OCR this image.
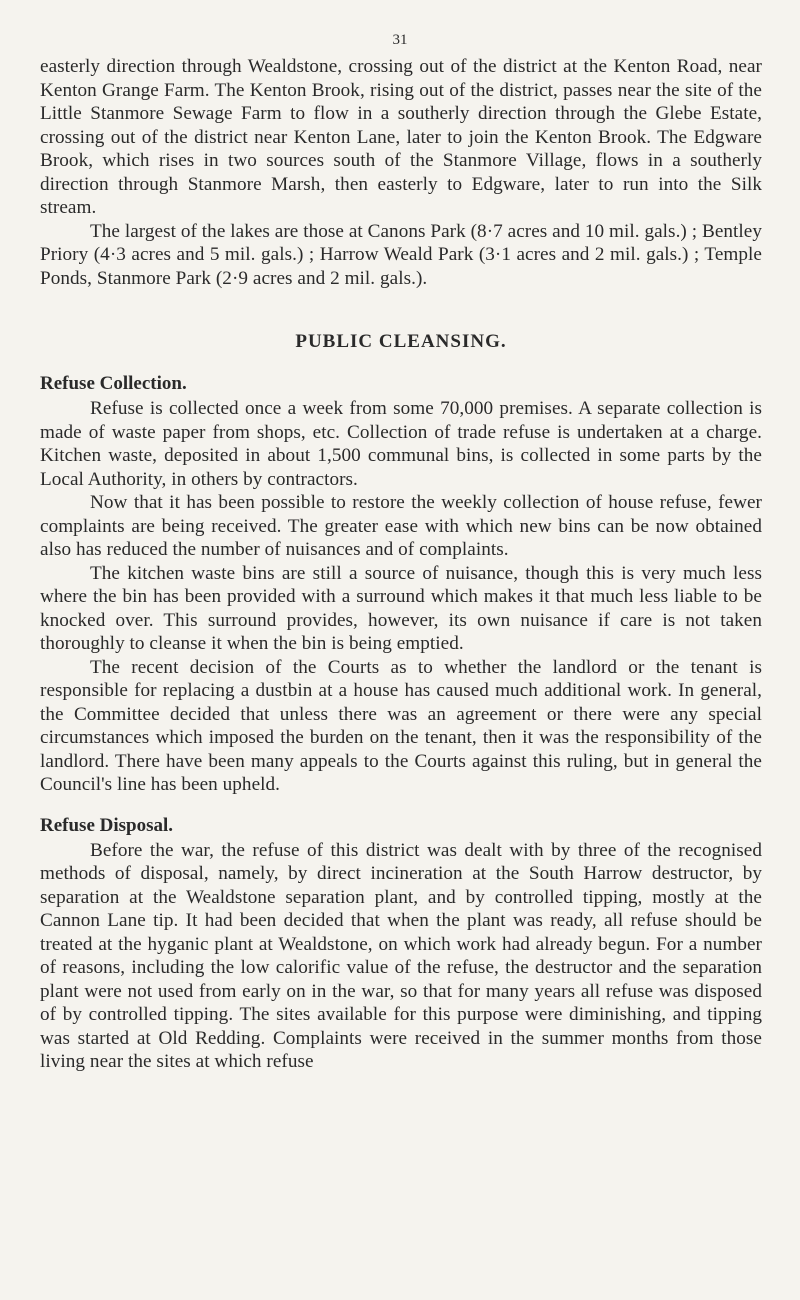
31

easterly direction through Wealdstone, crossing out of the district at the Kenton Road, near Kenton Grange Farm. The Kenton Brook, rising out of the district, passes near the site of the Little Stanmore Sewage Farm to flow in a southerly direction through the Glebe Estate, crossing out of the district near Kenton Lane, later to join the Kenton Brook. The Edgware Brook, which rises in two sources south of the Stanmore Village, flows in a southerly direction through Stanmore Marsh, then easterly to Edgware, later to run into the Silk stream.

The largest of the lakes are those at Canons Park (8·7 acres and 10 mil. gals.) ; Bentley Priory (4·3 acres and 5 mil. gals.) ; Harrow Weald Park (3·1 acres and 2 mil. gals.) ; Temple Ponds, Stanmore Park (2·9 acres and 2 mil. gals.).

PUBLIC CLEANSING.
Refuse Collection.

Refuse is collected once a week from some 70,000 premises. A separate collection is made of waste paper from shops, etc. Collection of trade refuse is undertaken at a charge. Kitchen waste, deposited in about 1,500 communal bins, is collected in some parts by the Local Authority, in others by contractors.

Now that it has been possible to restore the weekly collection of house refuse, fewer complaints are being received. The greater ease with which new bins can be now obtained also has reduced the number of nuisances and of complaints.

The kitchen waste bins are still a source of nuisance, though this is very much less where the bin has been provided with a surround which makes it that much less liable to be knocked over. This surround provides, however, its own nuisance if care is not taken thoroughly to cleanse it when the bin is being emptied.

The recent decision of the Courts as to whether the landlord or the tenant is responsible for replacing a dustbin at a house has caused much additional work. In general, the Committee decided that unless there was an agreement or there were any special circumstances which imposed the burden on the tenant, then it was the responsibility of the landlord. There have been many appeals to the Courts against this ruling, but in general the Council's line has been upheld.

Refuse Disposal.

Before the war, the refuse of this district was dealt with by three of the recognised methods of disposal, namely, by direct incineration at the South Harrow destructor, by separation at the Wealdstone separation plant, and by controlled tipping, mostly at the Cannon Lane tip. It had been decided that when the plant was ready, all refuse should be treated at the hyganic plant at Wealdstone, on which work had already begun. For a number of reasons, including the low calorific value of the refuse, the destructor and the separation plant were not used from early on in the war, so that for many years all refuse was disposed of by controlled tipping. The sites available for this purpose were diminishing, and tipping was started at Old Redding. Complaints were received in the summer months from those living near the sites at which refuse
